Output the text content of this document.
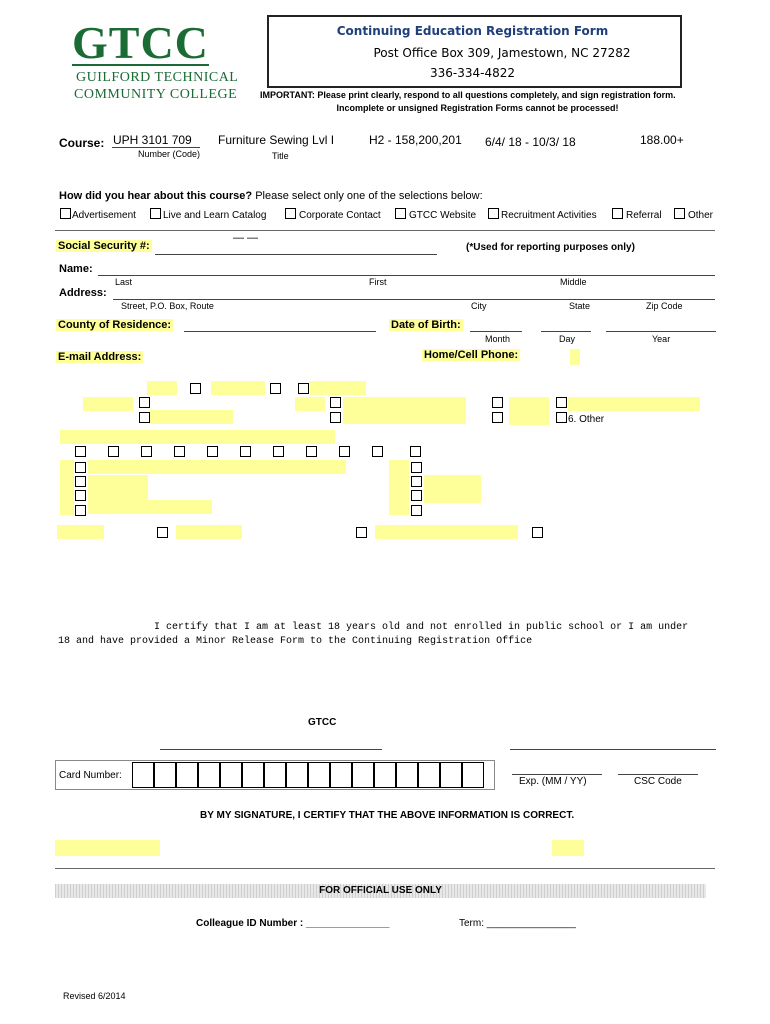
GTCC
GUILFORD TECHNICAL
COMMUNITY COLLEGE
Continuing Education Registration Form
Post Office Box 309, Jamestown, NC 27282
336-334-4822
IMPORTANT: Please print clearly, respond to all questions completely, and sign registration form.
Incomplete or unsigned Registration Forms cannot be processed!
Course: UPH 3101 709
Number (Code)
Furniture Sewing Lvl I
Title
H2 - 158,200,201 6/4/ 18 - 10/3/ 18	188.00+
How did you hear about this course? Please select only one of the selections below:
Advertisement	Live and Learn Catalog	Corporate Contact	GTCC Website Recruitment Activities	Referral	Other
Social Security #:
— —
(*Used for reporting purposes only)
Name:
Last	First	Middle
Address:
Street, P.O. Box, Route	City	State	Zip Code
County of Residence:	Date of Birth:
Month	Day	Year
E-mail Address:	Home/Cell Phone:
6. Other
I certify that I am at least 18 years old and not enrolled in public school or I am under
18 and have provided a Minor Release Form to the Continuing Registration Office
GTCC
Card Number:
Exp. (MM / YY)	CSC Code
BY MY SIGNATURE, I CERTIFY THAT THE ABOVE INFORMATION IS CORRECT.
FOR OFFICIAL USE ONLY
Colleague ID Number : _______________	Term: ________________
Revised 6/2014
